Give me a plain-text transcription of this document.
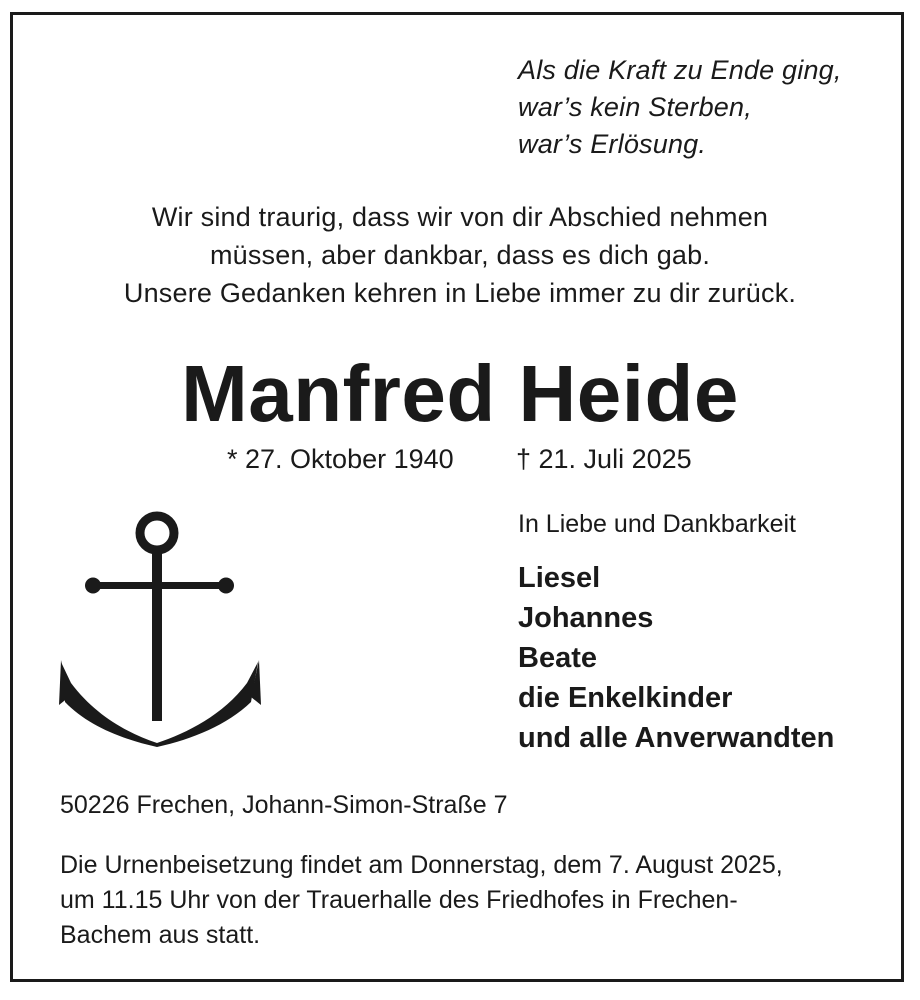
Als die Kraft zu Ende ging,
war’s kein Sterben,
war’s Erlösung.
Wir sind traurig, dass wir von dir Abschied nehmen
müssen, aber dankbar, dass es dich gab.
Unsere Gedanken kehren in Liebe immer zu dir zurück.
Manfred Heide
* 27. Oktober 1940 † 21. Juli 2025
In Liebe und Dankbarkeit
Liesel
Johannes
Beate
die Enkelkinder
und alle Anverwandten
50226 Frechen, Johann-Simon-Straße 7
Die Urnenbeisetzung findet am Donnerstag, dem 7. August 2025,
um 11.15 Uhr von der Trauerhalle des Friedhofes in Frechen-
Bachem aus statt.
